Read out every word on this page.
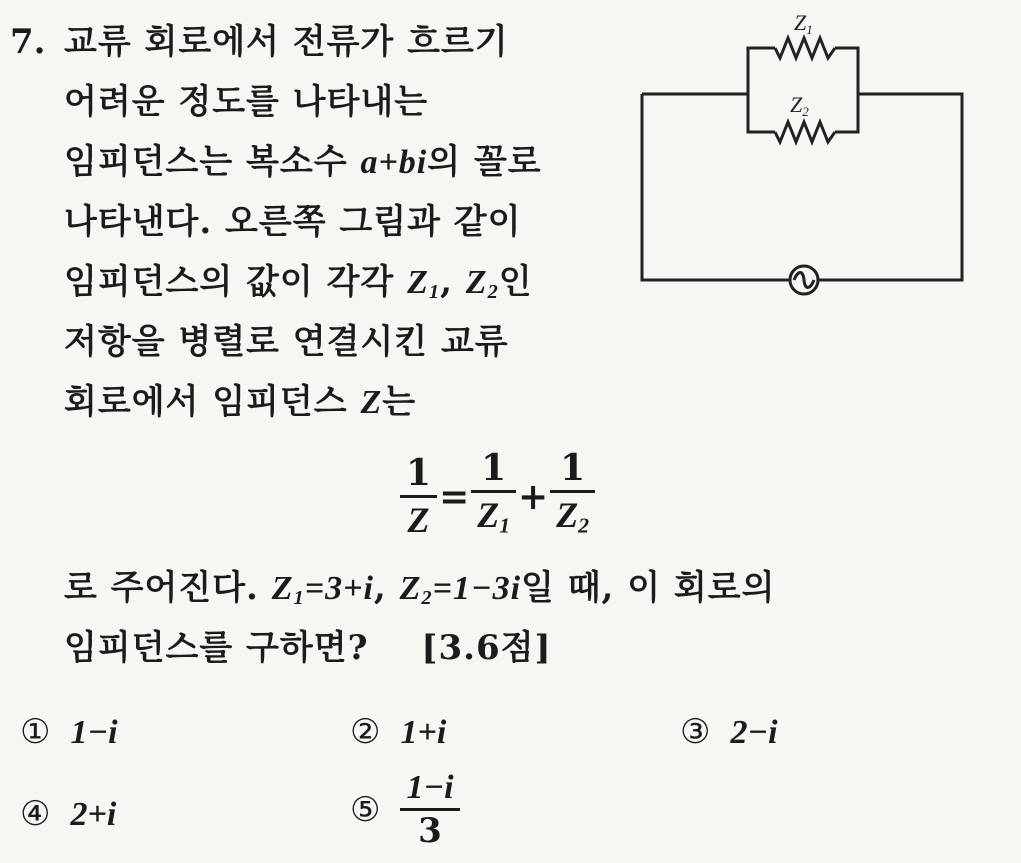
7. 교류 회로에서 전류가 흐르기
어려운 정도를 나타내는
임피던스는 복소수 a+bi의 꼴로
나타낸다. 오른쪽 그림과 같이
임피던스의 값이 각각 $Z_1$, $Z_2$인
저항을 병렬로 연결시킨 교류
회로에서 임피던스 Z는
$\frac{1}{Z} = \frac{1}{Z_1} + \frac{1}{Z_2}$
로 주어진다. $Z_1=3+i$, $Z_2=1-3i$일 때, 이 회로의
임피던스를 구하면? [3.6점]
Z1
Z2
① 1−i	② 1+i	③ 2−i
④ 2+i	⑤ $\frac{1-i}{3}$
